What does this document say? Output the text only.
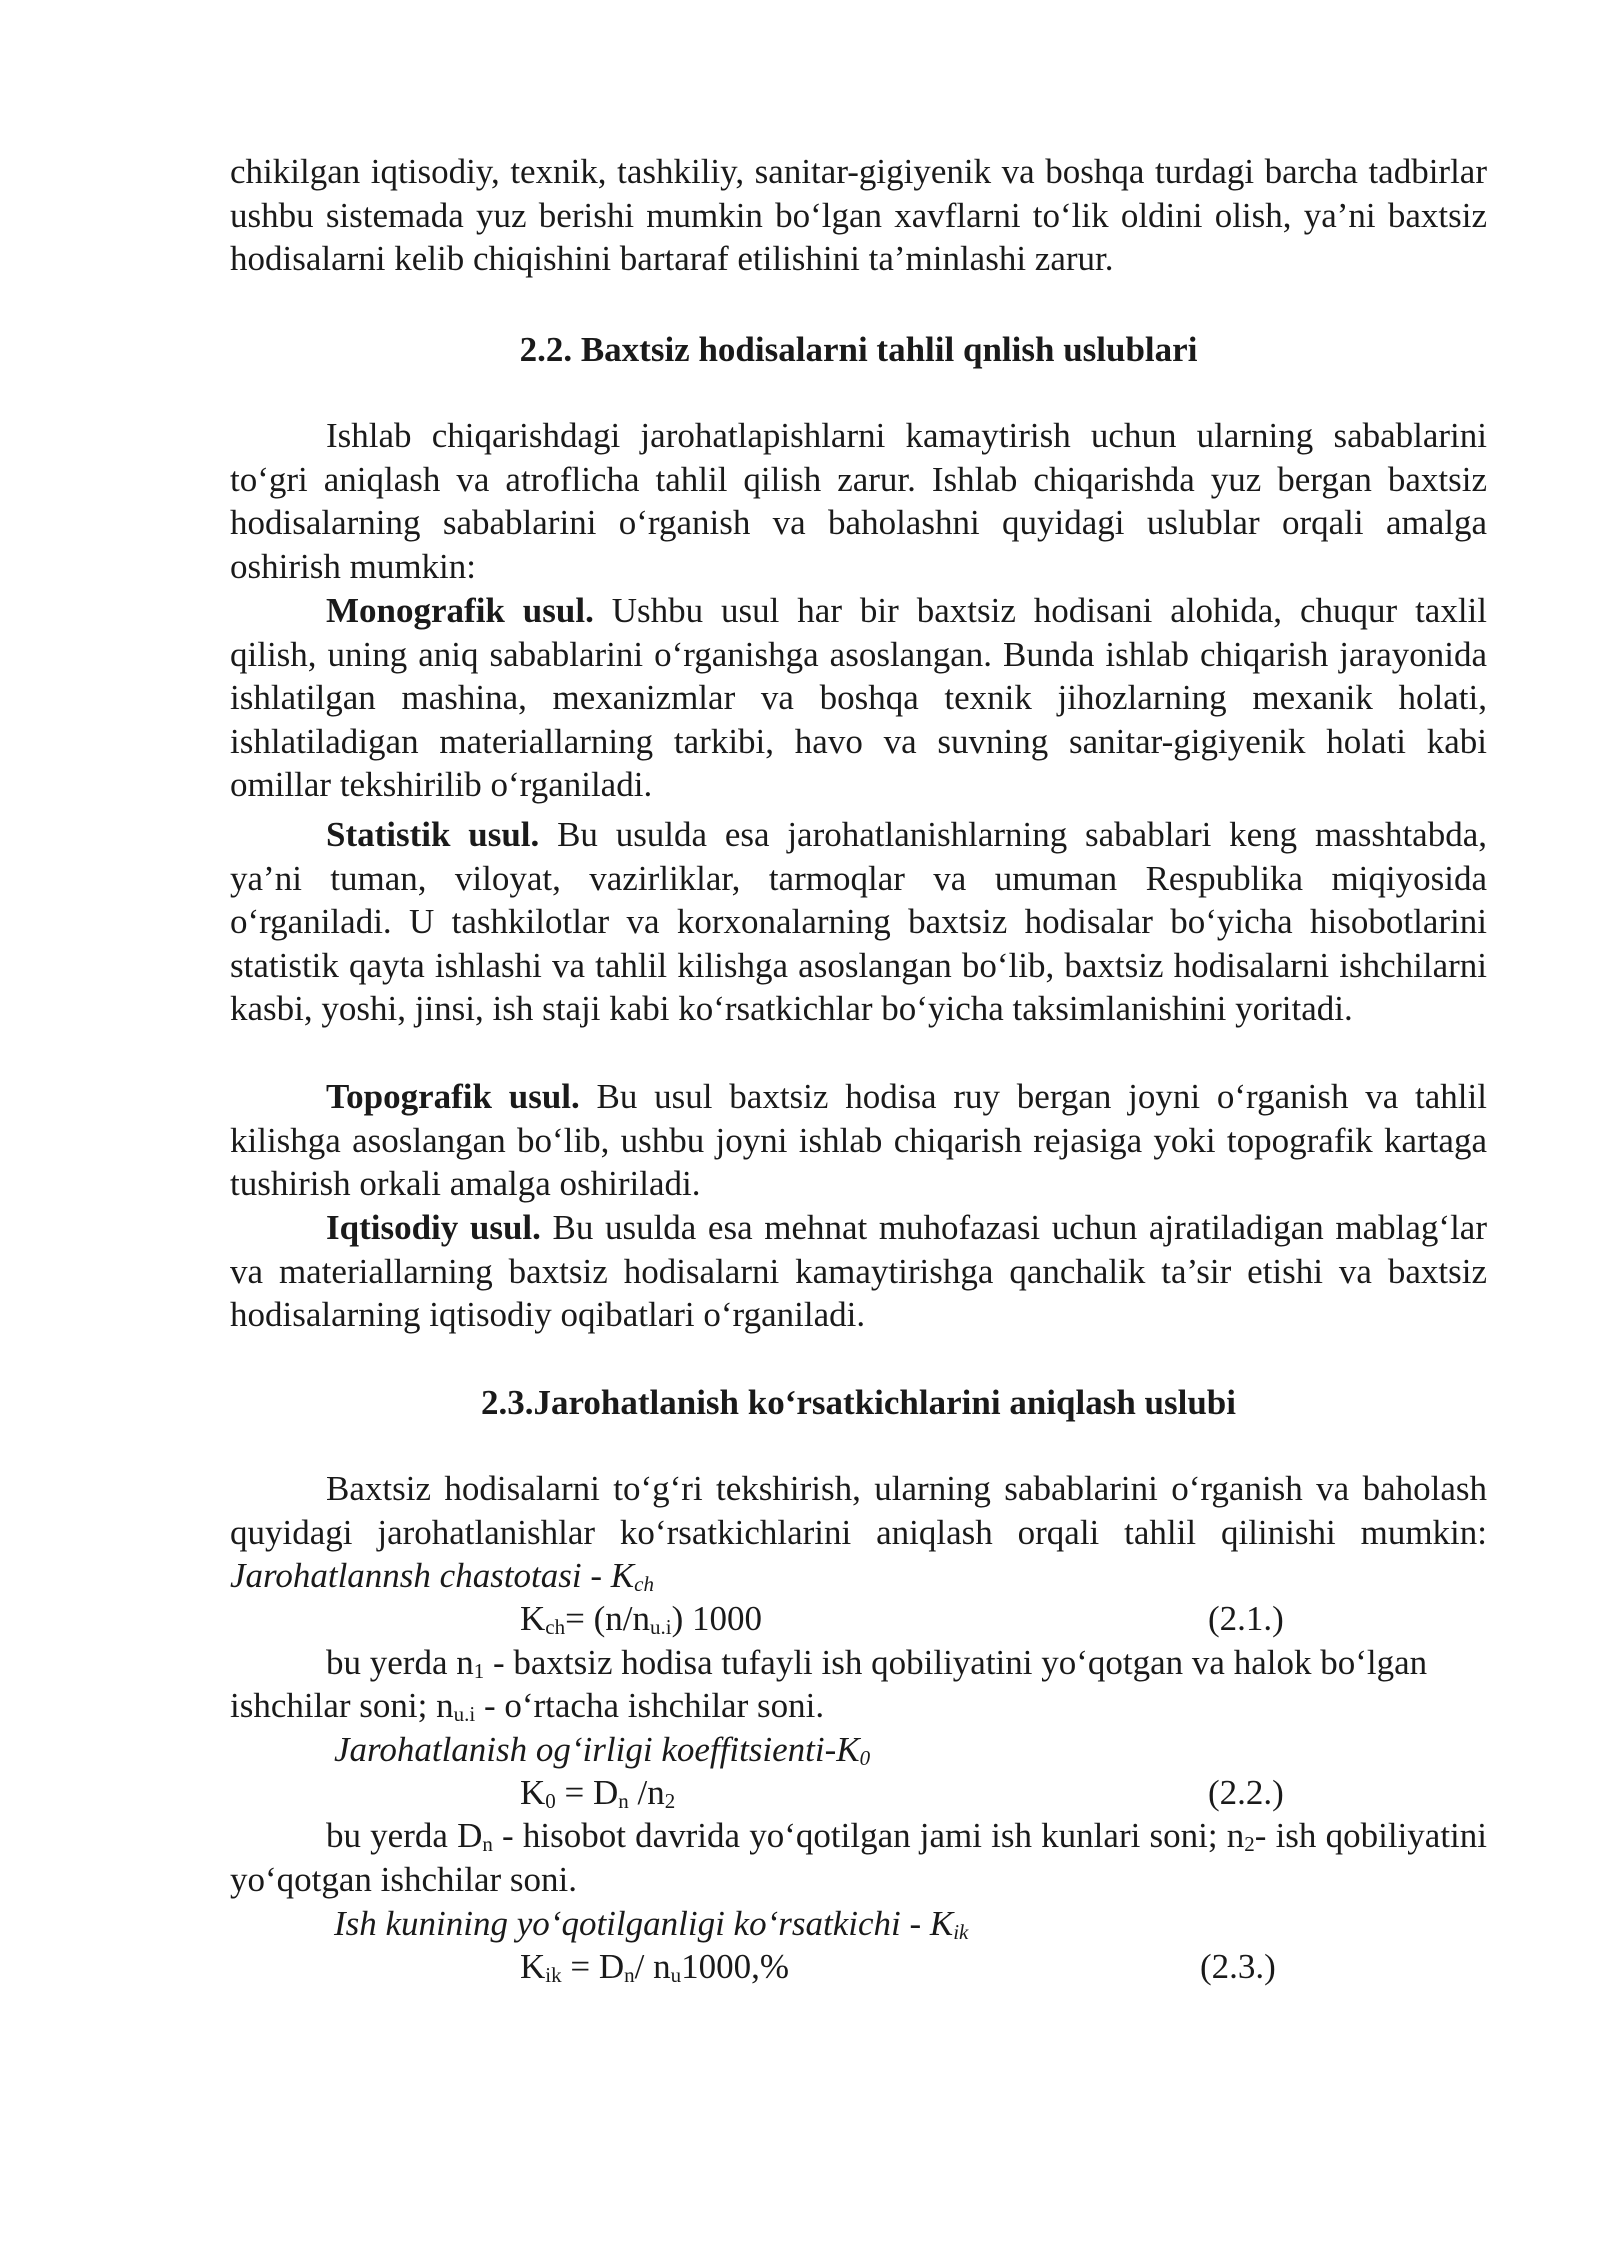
chikilgan iqtisodiy, texnik, tashkiliy, sanitar-gigiyenik va boshqa turdagi barcha tadbirlar ushbu sistemada yuz berishi mumkin bo‘lgan xavflarni to‘lik oldini olish, ya’ni baxtsiz hodisalarni kelib chiqishini bartaraf etilishini ta’minlashi zarur.

2.2. Baxtsiz hodisalarni tahlil qnlish uslublari

Ishlab chiqarishdagi jarohatlapishlarni kamaytirish uchun ularning sabablarini to‘gri aniqlash va atroflicha tahlil qilish zarur. Ishlab chiqarishda yuz bergan baxtsiz hodisalarning sabablarini o‘rganish va baholashni quyidagi uslublar orqali amalga oshirish mumkin:

Monografik usul. Ushbu usul har bir baxtsiz hodisani alohida, chuqur taxlil qilish, uning aniq sabablarini o‘rganishga asoslangan. Bunda ishlab chiqarish jarayonida ishlatilgan mashina, mexanizmlar va boshqa texnik jihozlarning mexanik holati, ishlatiladigan materiallarning tarkibi, havo va suvning sanitar-gigiyenik holati kabi omillar tekshirilib o‘rganiladi.

Statistik usul. Bu usulda esa jarohatlanishlarning sabablari keng masshtabda, ya’ni tuman, viloyat, vazirliklar, tarmoqlar va umuman Respublika miqiyosida o‘rganiladi. U tashkilotlar va korxonalarning baxtsiz hodisalar bo‘yicha hisobotlarini statistik qayta ishlashi va tahlil kilishga asoslangan bo‘lib, baxtsiz hodisalarni ishchilarni kasbi, yoshi, jinsi, ish staji kabi ko‘rsatkichlar bo‘yicha taksimlanishini yoritadi.

Topografik usul. Bu usul baxtsiz hodisa ruy bergan joyni o‘rganish va tahlil kilishga asoslangan bo‘lib, ushbu joyni ishlab chiqarish rejasiga yoki topografik kartaga tushirish orkali amalga oshiriladi.

Iqtisodiy usul. Bu usulda esa mehnat muhofazasi uchun ajratiladigan mablag‘lar va materiallarning baxtsiz hodisalarni kamaytirishga qanchalik ta’sir etishi va baxtsiz hodisalarning iqtisodiy oqibatlari o‘rganiladi.

2.3.Jarohatlanish ko‘rsatkichlarini aniqlash uslubi

Baxtsiz hodisalarni to‘g‘ri tekshirish, ularning sabablarini o‘rganish va baholash quyidagi jarohatlanishlar ko‘rsatkichlarini aniqlash orqali tahlil qilinishi mumkin: Jarohatlannsh chastotasi - $K_{ch}$

$K_{ch}= (n/n_{u.i})$ 1000	(2.1.)
bu yerda $n_1$ - baxtsiz hodisa tufayli ish qobiliyatini yo‘qotgan va halok bo‘lgan
ishchilar soni; $n_{u.i}$ - o‘rtacha ishchilar soni.
Jarohatlanish og‘irligi koeffitsienti-$K_0$
$K_0 = D_n$ $/n_2$	(2.2.)

bu yerda $D_n$ - hisobot davrida yo‘qotilgan jami ish kunlari soni; $n_2-$ ish qobiliyatini yo‘qotgan ishchilar soni.

Ish kunining yo‘qotilganligi ko‘rsatkichi - $K_{ik}$
$K_{ik} = D_n/$ $n_u1000,\%$	(2.3.)
